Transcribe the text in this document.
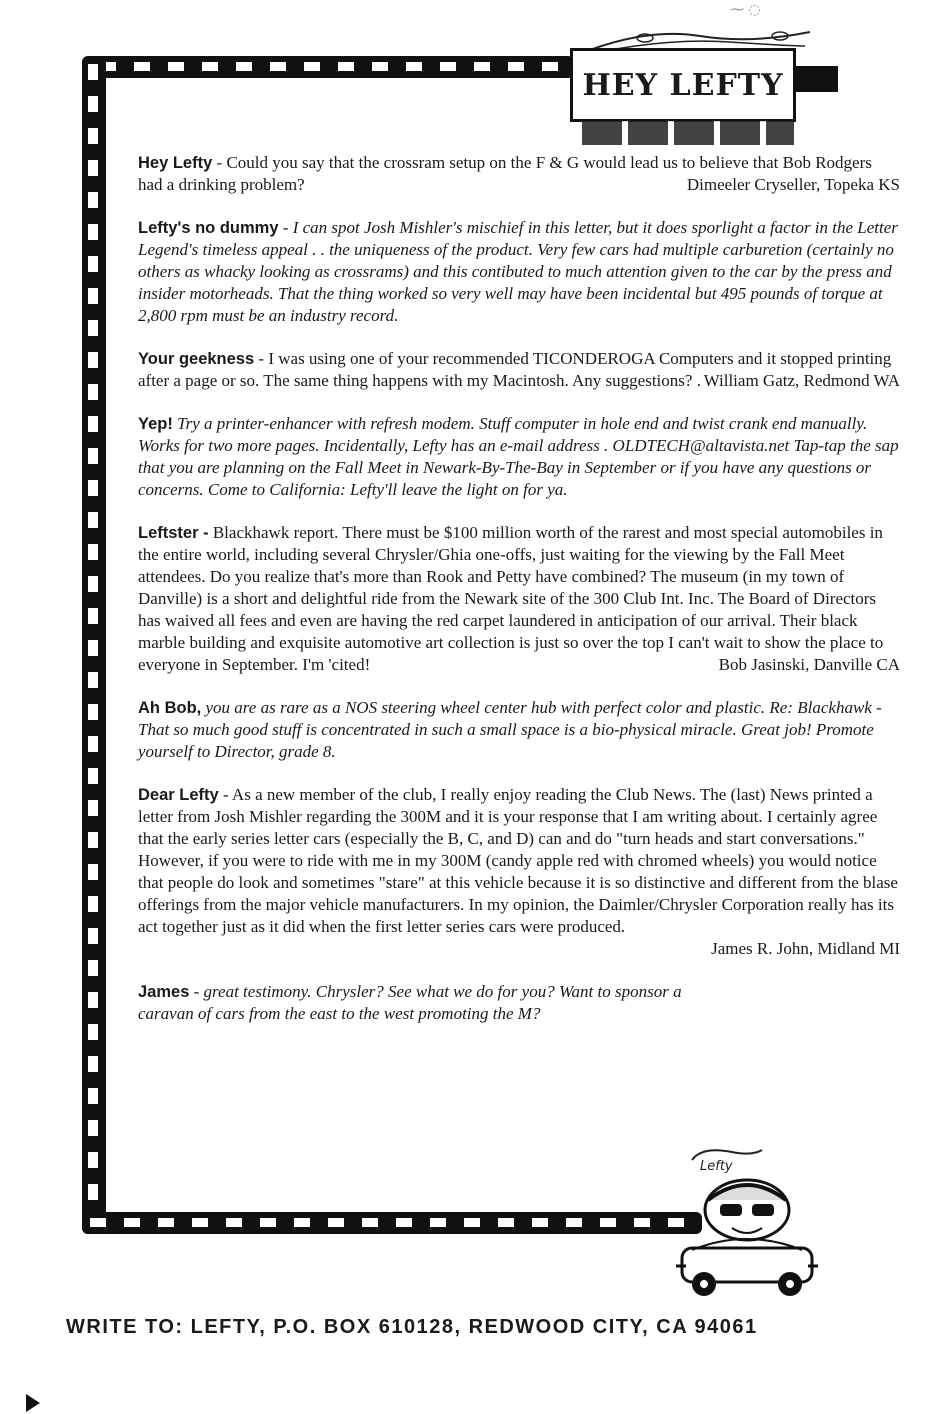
⁓ ◌
HEY LEFTY

Hey Lefty - Could you say that the crossram setup on the F & G would lead us to believe that Bob Rodgers had a drinking problem?	Dimeeler Cryseller, Topeka KS

Lefty's no dummy - I can spot Josh Mishler's mischief in this letter, but it does sporlight a factor in the Letter Legend's timeless appeal . . the uniqueness of the product. Very few cars had multiple carburetion (certainly no others as whacky looking as crossrams) and this contibuted to much attention given to the car by the press and insider motorheads. That the thing worked so very well may have been incidental but 495 pounds of torque at 2,800 rpm must be an industry record.

Your geekness - I was using one of your recommended TICONDEROGA Computers and it stopped printing after a page or so. The same thing happens with my Macintosh. Any suggestions? . William Gatz, Redmond WA

Yep! Try a printer-enhancer with refresh modem. Stuff computer in hole end and twist crank end manually. Works for two more pages. Incidentally, Lefty has an e-mail address . OLDTECH@altavista.net Tap-tap the sap that you are planning on the Fall Meet in Newark-By-The-Bay in September or if you have any questions or concerns. Come to California: Lefty'll leave the light on for ya.

Leftster - Blackhawk report. There must be $100 million worth of the rarest and most special automobiles in the entire world, including several Chrysler/Ghia one-offs, just waiting for the viewing by the Fall Meet attendees. Do you realize that's more than Rook and Petty have combined? The museum (in my town of Danville) is a short and delightful ride from the Newark site of the 300 Club Int. Inc. The Board of Directors has waived all fees and even are having the red carpet laundered in anticipation of our arrival. Their black marble building and exquisite automotive art collection is just so over the top I can't wait to show the place to everyone in September. I'm 'cited!	Bob Jasinski, Danville CA

Ah Bob, you are as rare as a NOS steering wheel center hub with perfect color and plastic. Re: Blackhawk -That so much good stuff is concentrated in such a small space is a bio-physical miracle. Great job! Promote yourself to Director, grade 8.

Dear Lefty - As a new member of the club, I really enjoy reading the Club News. The (last) News printed a letter from Josh Mishler regarding the 300M and it is your response that I am writing about. I certainly agree that the early series letter cars (especially the B, C, and D) can and do "turn heads and start conversations." However, if you were to ride with me in my 300M (candy apple red with chromed wheels) you would notice that people do look and sometimes "stare" at this vehicle because it is so distinctive and different from the blase offerings from the major vehicle manufacturers. In my opinion, the Daimler/Chrysler Corporation really has its act together just as it did when the first letter series cars were produced.
James R. John, Midland MI

James - great testimony. Chrysler? See what we do for you? Want to sponsor a caravan of cars from the east to the west promoting the M?

Lefty
WRITE TO: LEFTY, P.O. BOX 610128, REDWOOD CITY, CA 94061
